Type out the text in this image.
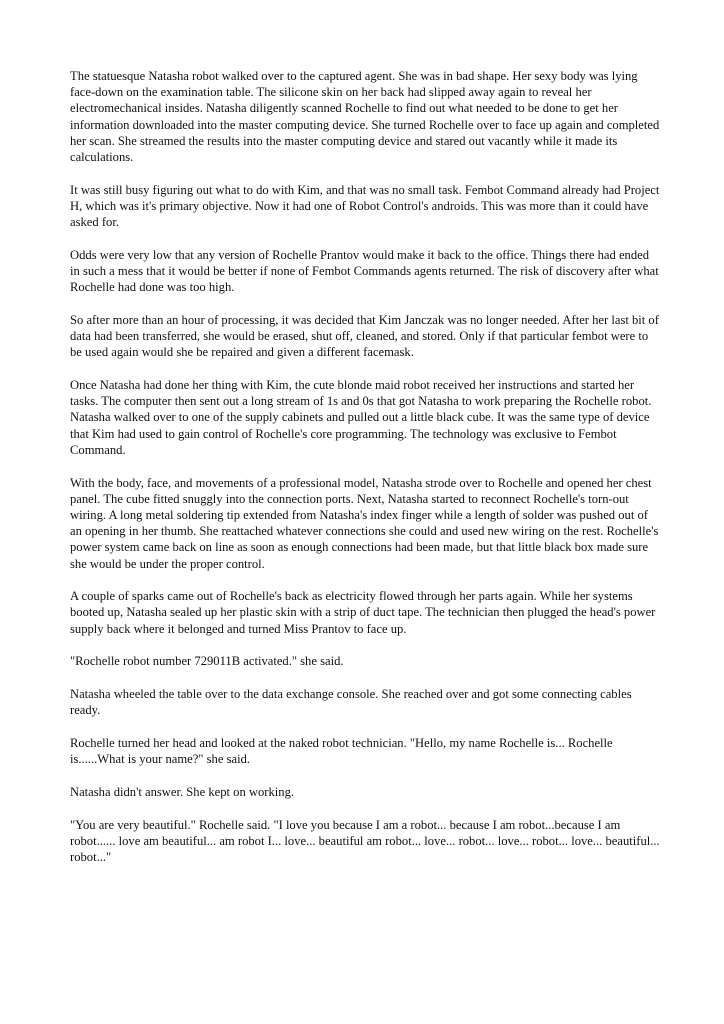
The statuesque Natasha robot walked over to the captured agent. She was in bad shape. Her sexy body was lying face-down on the examination table. The silicone skin on her back had slipped away again to reveal her electromechanical insides. Natasha diligently scanned Rochelle to find out what needed to be done to get her information downloaded into the master computing device. She turned Rochelle over to face up again and completed her scan. She streamed the results into the master computing device and stared out vacantly while it made its calculations.

It was still busy figuring out what to do with Kim, and that was no small task. Fembot Command already had Project H, which was it's primary objective. Now it had one of Robot Control's androids. This was more than it could have asked for.

Odds were very low that any version of Rochelle Prantov would make it back to the office. Things there had ended in such a mess that it would be better if none of Fembot Commands agents returned. The risk of discovery after what Rochelle had done was too high.

So after more than an hour of processing, it was decided that Kim Janczak was no longer needed. After her last bit of data had been transferred, she would be erased, shut off, cleaned, and stored. Only if that particular fembot were to be used again would she be repaired and given a different facemask.

Once Natasha had done her thing with Kim, the cute blonde maid robot received her instructions and started her tasks. The computer then sent out a long stream of 1s and 0s that got Natasha to work preparing the Rochelle robot. Natasha walked over to one of the supply cabinets and pulled out a little black cube. It was the same type of device that Kim had used to gain control of Rochelle's core programming. The technology was exclusive to Fembot Command.

With the body, face, and movements of a professional model, Natasha strode over to Rochelle and opened her chest panel. The cube fitted snuggly into the connection ports. Next, Natasha started to reconnect Rochelle's torn-out wiring. A long metal soldering tip extended from Natasha's index finger while a length of solder was pushed out of an opening in her thumb. She reattached whatever connections she could and used new wiring on the rest. Rochelle's power system came back on line as soon as enough connections had been made, but that little black box made sure she would be under the proper control.

A couple of sparks came out of Rochelle's back as electricity flowed through her parts again. While her systems booted up, Natasha sealed up her plastic skin with a strip of duct tape. The technician then plugged the head's power supply back where it belonged and turned Miss Prantov to face up.

"Rochelle robot number 729011B activated." she said.

Natasha wheeled the table over to the data exchange console. She reached over and got some connecting cables ready.

Rochelle turned her head and looked at the naked robot technician. "Hello, my name Rochelle is... Rochelle is......What is your name?" she said.

Natasha didn't answer. She kept on working.

"You are very beautiful." Rochelle said. "I love you because I am a robot... because I am robot...because I am robot...... love am beautiful... am robot I... love... beautiful am robot... love... robot... love... robot... love... beautiful... robot..."
